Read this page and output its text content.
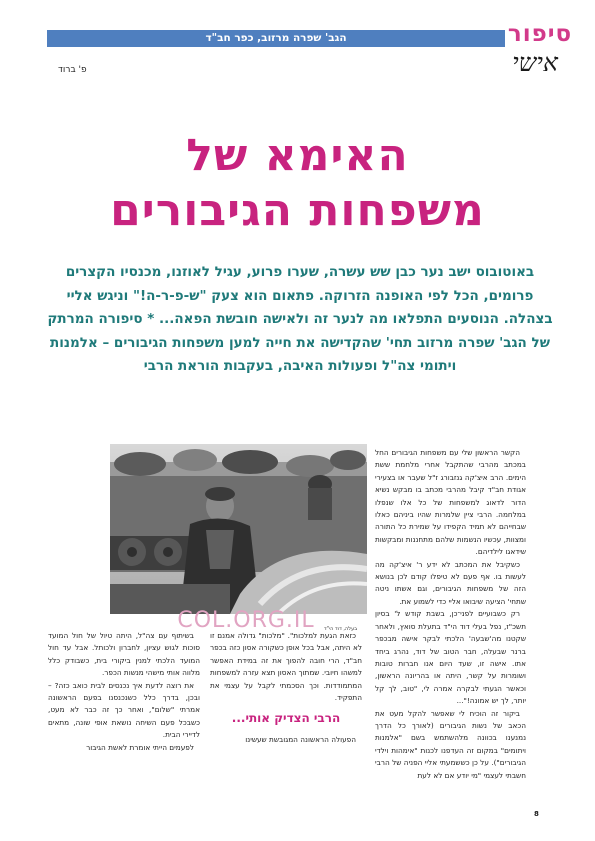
הגב' שפרה מרזוב, כפר חב"ד	סיפור
אישי
פ' ברוד
האימא של
משפחות הגיבורים
באוטובוס ישב נער כבן שש עשרה, שערו פרוע, עגיל לאוזנו, מכנסיו הקצרים פרומים, הכל לפי האופנה הזרוקה. פתאום הוא צעק "ש-פ-ר-ה!" וניגש אליי בצהלה. הנוסעים התפלאו מה לנער זה ולאישה חובשת הפאה... * סיפורה המרתק של הגב' שפרה מרזוב תחי' שהקדישה את חייה למען משפחות הגיבורים – אלמנות ויתומי צה"ל ופעולות האיבה, בעקבות הוראת הרבי
בעלה, דוד הי"ד
COL.ORG.IL

הקשר הראשון שלי עם משפחות הגיבורים החל במכתב מהרבי שהתקבל אחרי מלחמת ששת הימים. הרב איצ'קה גנזבורג ז"ל שעבר או בצעירי אגודת חב"ד קיבל מהרבי מכתב בו מבקש נשיא הדור לדאוג למשפחות של כל אלו שנפלו במלחמה. הרבי ציין שלמרות שהיו ביניהם כאלו שבחייהם לא תמיד הקפידו על שמירת כל התורה ומצוות, עכשיו הנשמות שלהם מתחננות ומבקשות שידאגו לילדיהם.

כשקיבל את המכתב לא ידע ר' איצ'קה מה לעשות בו. אף פעם לא טיפלו קודם לכן בנושא הזה של משפחות הגיבורים, וגם אשתו ניטה שתחי' הציעה שיבואו אליי כדי לשמוע את.

רק כשבועיים לפני־כן, בשבת קודש ל' בסיון תשכ"ז, נפל בעלי דוד הי"ד בתעלת סואץ, ולאחר שקטנו מה'שבעה' הלכתי לבקר אישה מבכפר ברנר שבעלה, חבר הטוב של דוד, נהרג ביחד אתו. אישה זו, שעד היום אנו חברות טובות ושומרות על קשר, היתה או בהריונה הראשון, וכאשר הגעתי לבקרה אמרה לי, "טוב, לך קל יותר, לך יש אמונה!"...

ביקור זה הוכיח לי שאפשר להקל מעט את הכאב של נשות הגיבורים (לאורך כל הדרך נמנענו בכוונה מלהשתמש בשם "אלמנות ויתומים" במקום זה העדפנו לכנות "אימהות וילדי הגיבורים"). על כן כששמעתי אליי הפניה של הרבי חשבתי לעצמי "מי יודע אם לא לעת

כזאת הגעת למלכות". "מלכות" גדולה אמנם זו לא היתה, אבל בכל אופן כשקורה אסון כזה בכפר חב"ד, הרי חובה להפוך את זה במידת האפשר למשהו חיובי. שמתוך האסון תצא עזרה למשפחות המתמודדות. וכך הסכמתי לקבל על עצמי את התפקיד.

הרבי הצדיק אותי...

הפעולה הראשונה המגובשת שעשינו

בשיתוף עם צה"ל, היתה טיול של חול המועד סוכות לגוש עציון, לחברון ולכותל. אבל עד חול המועד הלכתי למנין ביקורי בית, כשבודק כלל מלווה אותי מישהי מנשות הכפר.

את רוצה לדעת איך נכנסים לבית כואב כזה? – ובכן, בדרך כלל כשנכנסנו בפעם הראשונה אמרתי "שלום", ואחר כך זה כבר לא מעט, כשבכל פעם השיחה נושאת אופי שונה, מתאים לדיירי הבית.

לפעמים הייתי אומרת לאשת הגיבור

8
